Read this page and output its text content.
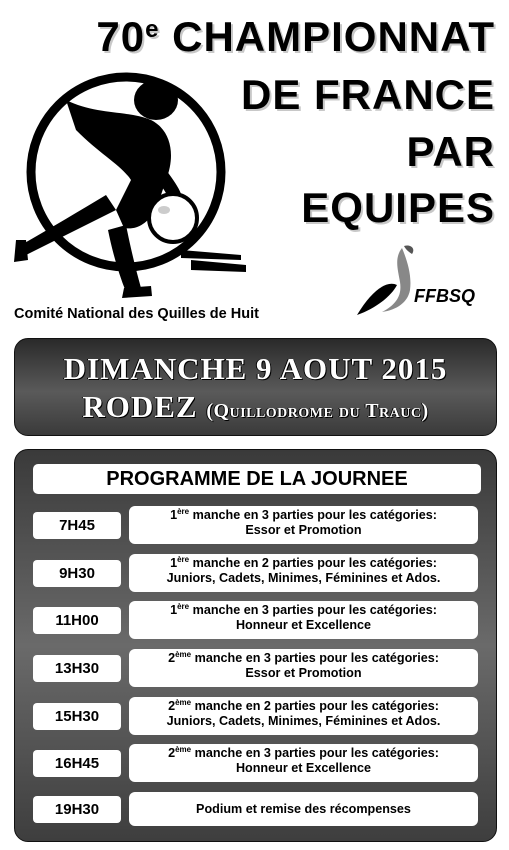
70e CHAMPIONNAT
DE FRANCE
PAR
EQUIPES
Comité National des Quilles de Huit
FFBSQ
DIMANCHE 9 AOUT 2015
RODEZ (Quillodrome du Trauc)
PROGRAMME DE LA JOURNEE
7H45
1ère manche en 3 parties pour les catégories:
Essor et Promotion
9H30
1ère manche en 2 parties pour les catégories:
Juniors, Cadets, Minimes, Féminines et Ados.
11H00
1ère manche en 3 parties pour les catégories:
Honneur et Excellence
13H30
2ème manche en 3 parties pour les catégories:
Essor et Promotion
15H30
2ème manche en 2 parties pour les catégories:
Juniors, Cadets, Minimes, Féminines et Ados.
16H45
2ème manche en 3 parties pour les catégories:
Honneur et Excellence
19H30	Podium et remise des récompenses
